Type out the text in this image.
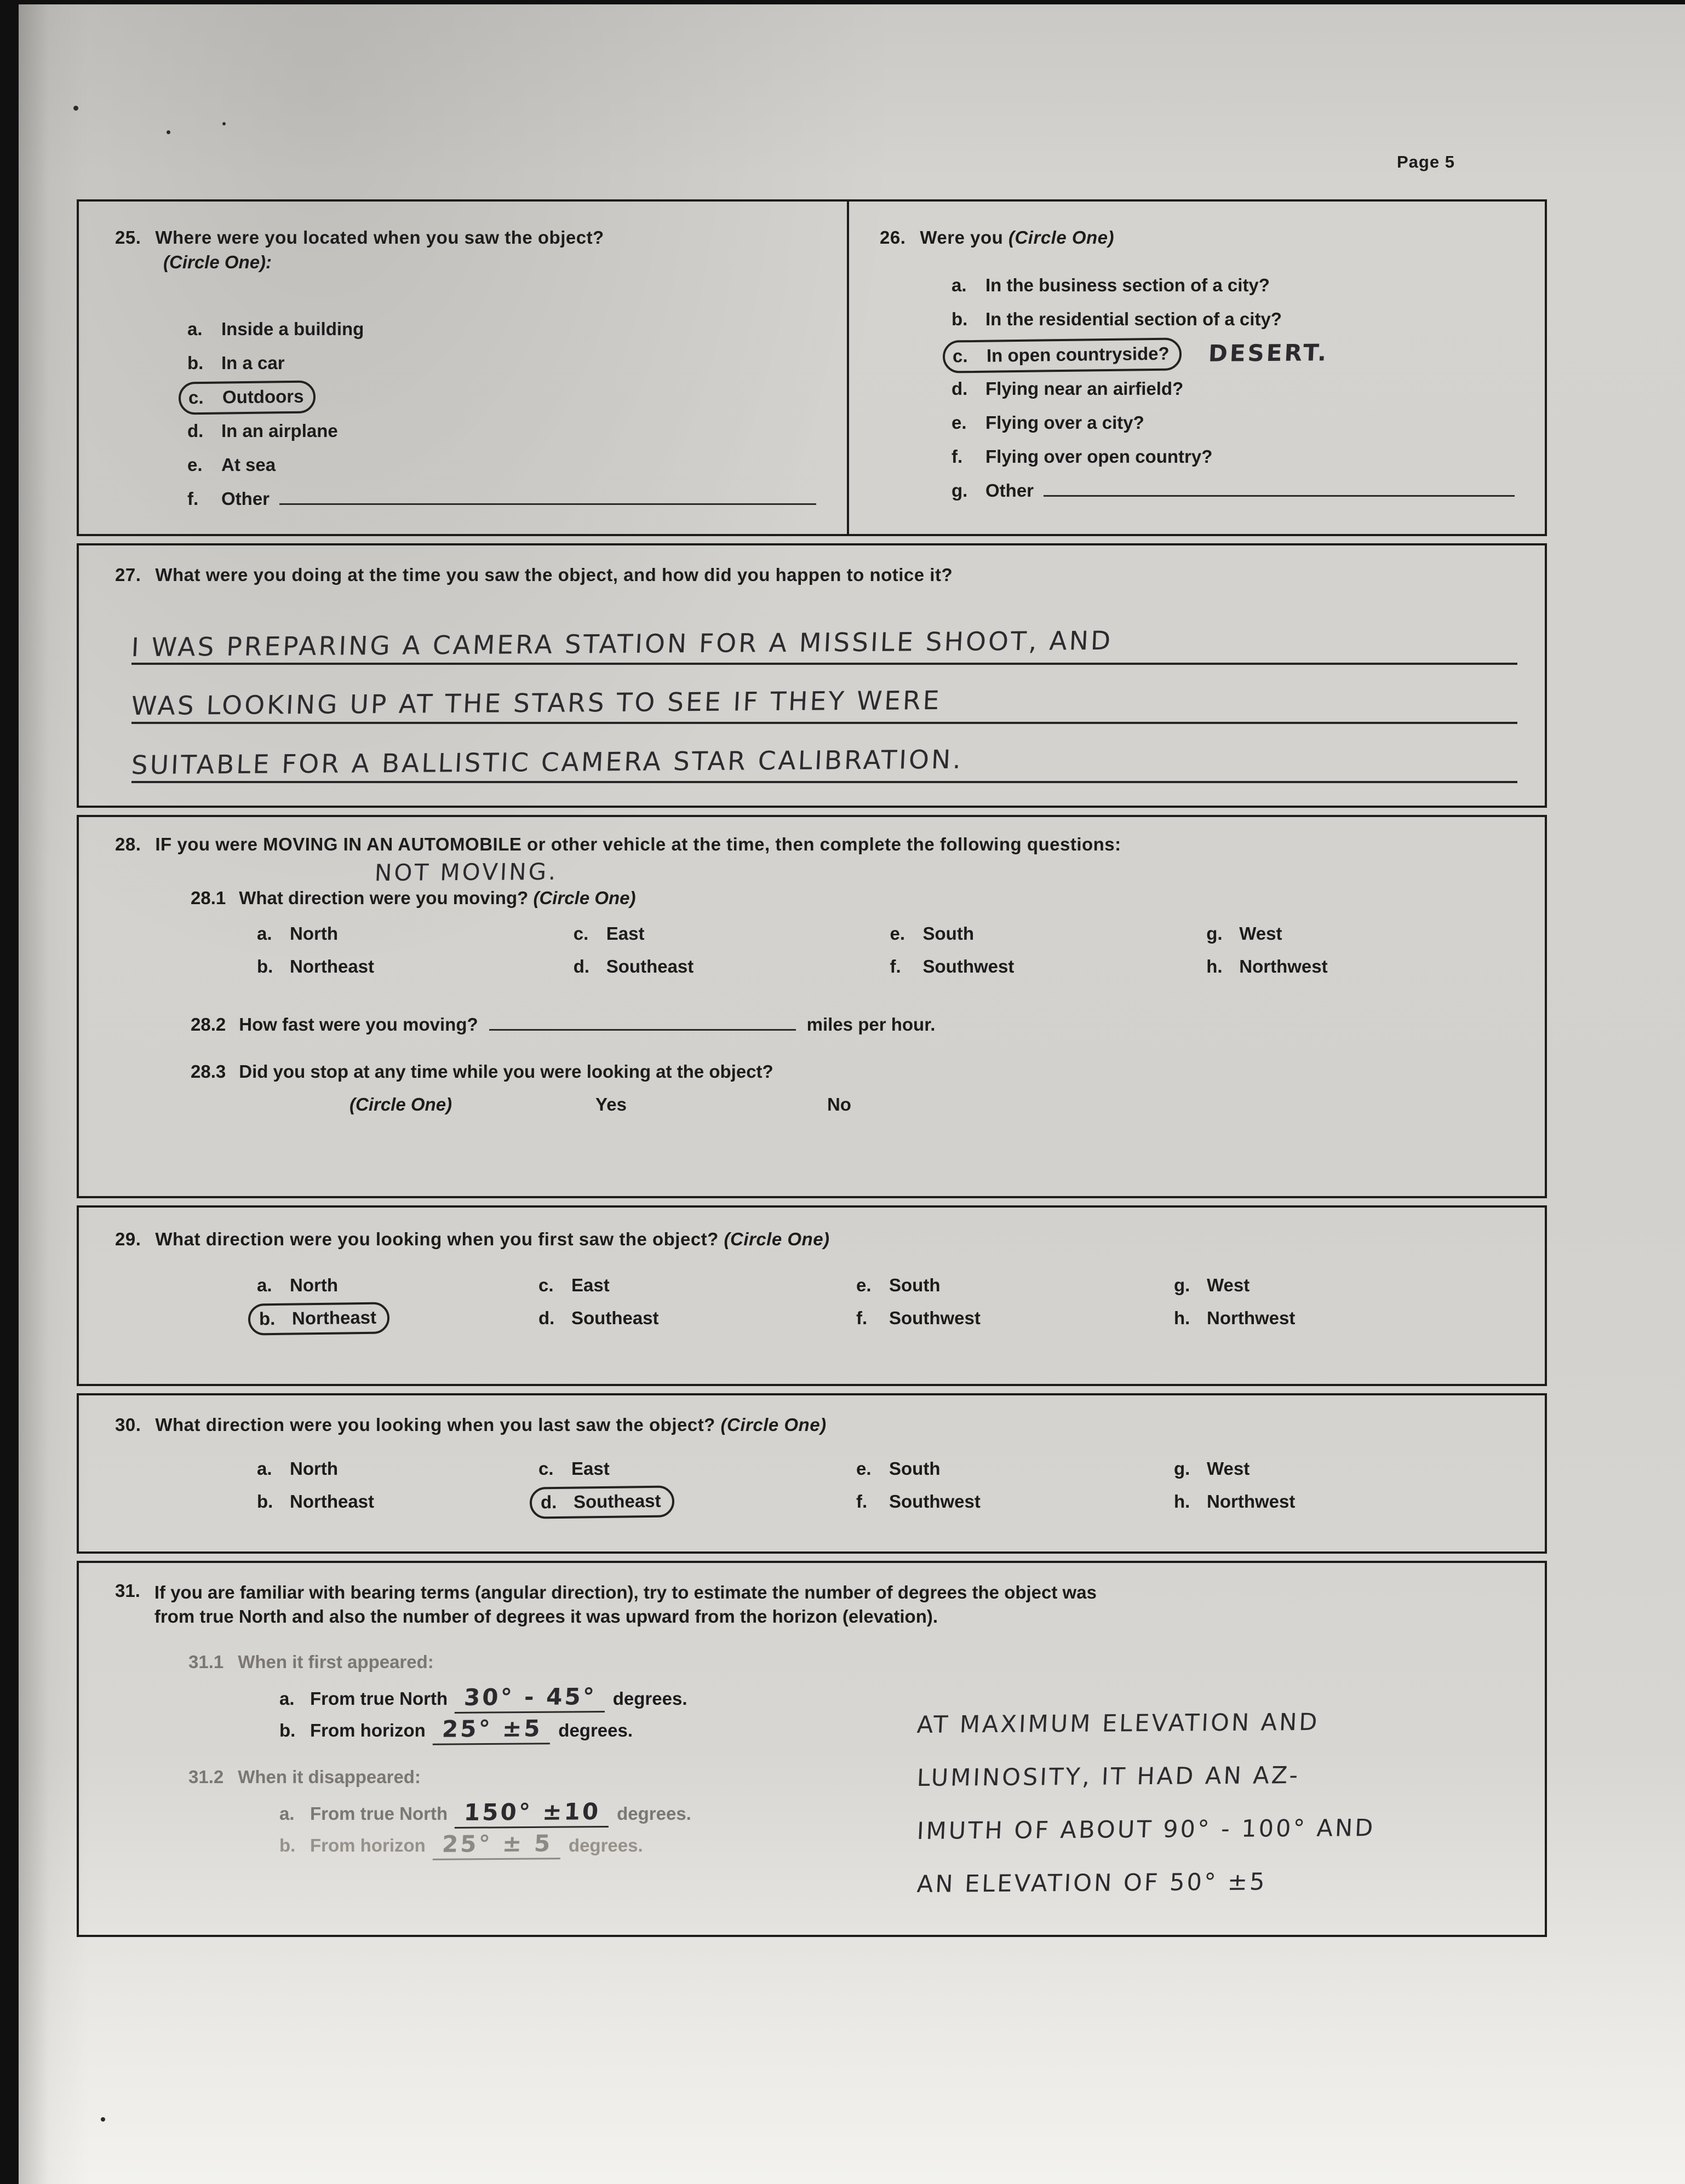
Page 5
25. Where were you located when you saw the object?
(Circle One):
a. Inside a building
b. In a car
c. Outdoors
d. In an airplane
e. At sea
f. Other
26. Were you (Circle One)
a. In the business section of a city?
b. In the residential section of a city?
c. In open countryside? DESERT.
d. Flying near an airfield?
e. Flying over a city?
f. Flying over open country?
g. Other
27. What were you doing at the time you saw the object, and how did you happen to notice it?
I WAS PREPARING A CAMERA STATION FOR A MISSILE SHOOT, AND
WAS LOOKING UP AT THE STARS TO SEE IF THEY WERE
SUITABLE FOR A BALLISTIC CAMERA STAR CALIBRATION.
28. IF you were MOVING IN AN AUTOMOBILE or other vehicle at the time, then complete the following questions:
NOT MOVING.
28.1 What direction were you moving? (Circle One)
a. North
b. Northeast
c. East
d. Southeast
e. South
f. Southwest
g. West
h. Northwest
28.2 How fast were you moving?	miles per hour.
28.3 Did you stop at any time while you were looking at the object?
(Circle One)	Yes	No
29. What direction were you looking when you first saw the object? (Circle One)
a. North
b. Northeast
c. East
d. Southeast
e. South
f. Southwest
g. West
h. Northwest
30. What direction were you looking when you last saw the object? (Circle One)
a. North
b. Northeast
c. East
d. Southeast
e. South
f. Southwest
g. West
h. Northwest
31. If you are familiar with bearing terms (angular direction), try to estimate the number of degrees the object was
from true North and also the number of degrees it was upward from the horizon (elevation).
31.1 When it first appeared:
a. From true North 30° - 45° degrees.
b. From horizon 25° ±5 degrees.
31.2 When it disappeared:
a. From true North 150° ±10 degrees.
b. From horizon 25° ± 5 degrees.
AT MAXIMUM ELEVATION AND
LUMINOSITY, IT HAD AN AZ-
IMUTH OF ABOUT 90° - 100° AND
AN ELEVATION OF 50° ±5
